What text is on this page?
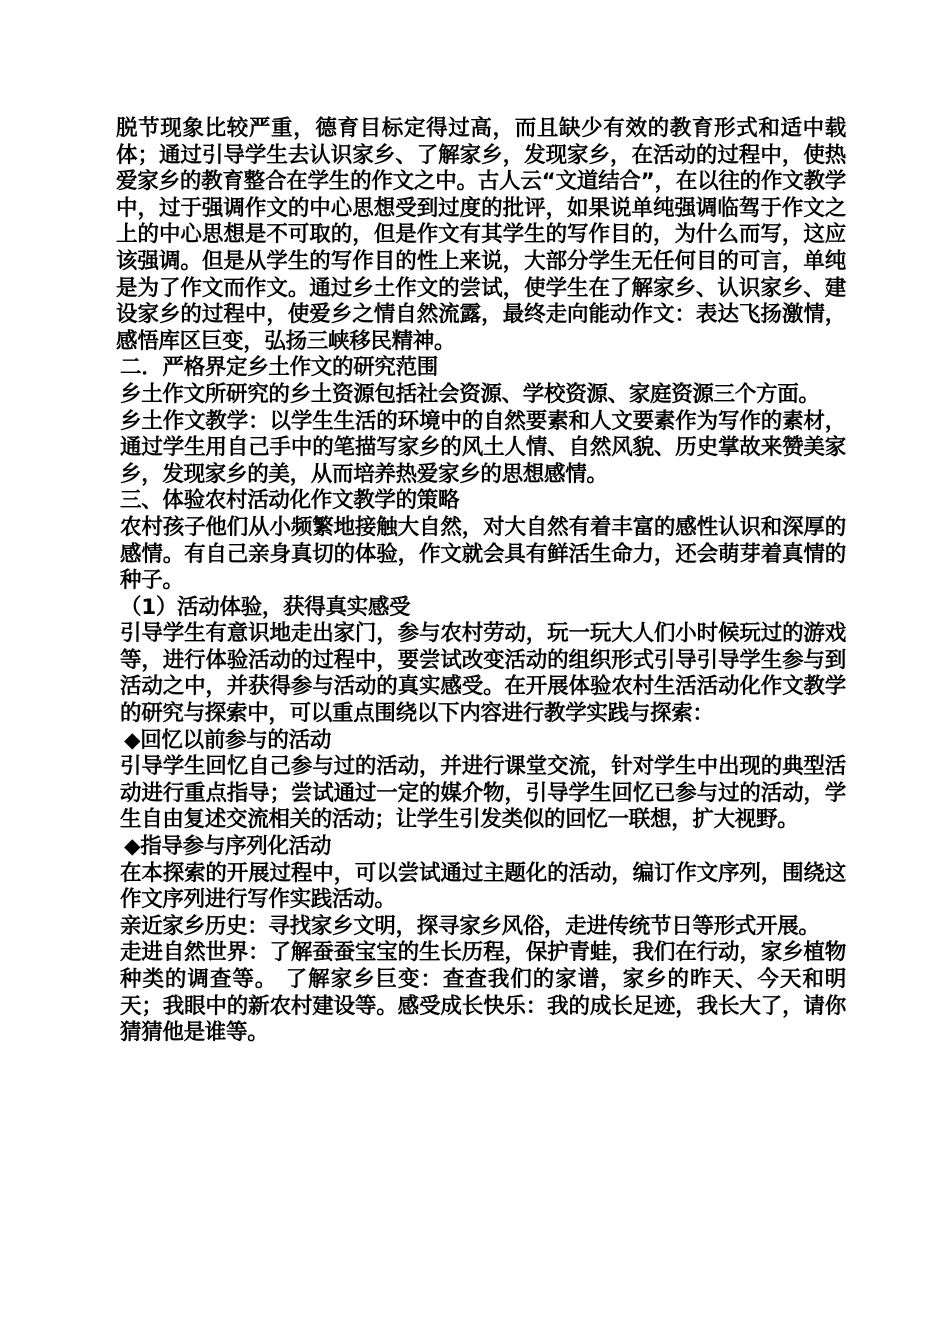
脱节现象比较严重，德育目标定得过高，而且缺少有效的教育形式和适中载体；通过引导学生去认识家乡、了解家乡，发现家乡，在活动的过程中，使热爱家乡的教育整合在学生的作文之中。古人云“文道结合”，在以往的作文教学中，过于强调作文的中心思想受到过度的批评，如果说单纯强调临驾于作文之上的中心思想是不可取的，但是作文有其学生的写作目的，为什么而写，这应该强调。但是从学生的写作目的性上来说，大部分学生无任何目的可言，单纯是为了作文而作文。通过乡土作文的尝试，使学生在了解家乡、认识家乡、建设家乡的过程中，使爱乡之情自然流露，最终走向能动作文：表达飞扬激情，感悟库区巨变，弘扬三峡移民精神。

二．严格界定乡土作文的研究范围

乡土作文所研究的乡土资源包括社会资源、学校资源、家庭资源三个方面。

乡土作文教学：以学生生活的环境中的自然要素和人文要素作为写作的素材，通过学生用自己手中的笔描写家乡的风土人情、自然风貌、历史掌故来赞美家乡，发现家乡的美，从而培养热爱家乡的思想感情。

三、体验农村活动化作文教学的策略

农村孩子他们从小频繁地接触大自然，对大自然有着丰富的感性认识和深厚的感情。有自己亲身真切的体验，作文就会具有鲜活生命力，还会萌芽着真情的种子。

（1）活动体验，获得真实感受

引导学生有意识地走出家门，参与农村劳动，玩一玩大人们小时候玩过的游戏等，进行体验活动的过程中，要尝试改变活动的组织形式引导引导学生参与到活动之中，并获得参与活动的真实感受。在开展体验农村生活活动化作文教学的研究与探索中，可以重点围绕以下内容进行教学实践与探索：

◆回忆以前参与的活动

引导学生回忆自己参与过的活动，并进行课堂交流，针对学生中出现的典型活动进行重点指导；尝试通过一定的媒介物，引导学生回忆已参与过的活动，学生自由复述交流相关的活动；让学生引发类似的回忆一联想，扩大视野。

◆指导参与序列化活动

在本探索的开展过程中，可以尝试通过主题化的活动，编订作文序列，围绕这作文序列进行写作实践活动。

亲近家乡历史：寻找家乡文明，探寻家乡风俗，走进传统节日等形式开展。

走进自然世界：了解蚕蚕宝宝的生长历程，保护青蛙，我们在行动，家乡植物种类的调查等。 了解家乡巨变：查查我们的家谱，家乡的昨天、今天和明天；我眼中的新农村建设等。感受成长快乐：我的成长足迹，我长大了，请你猜猜他是谁等。
